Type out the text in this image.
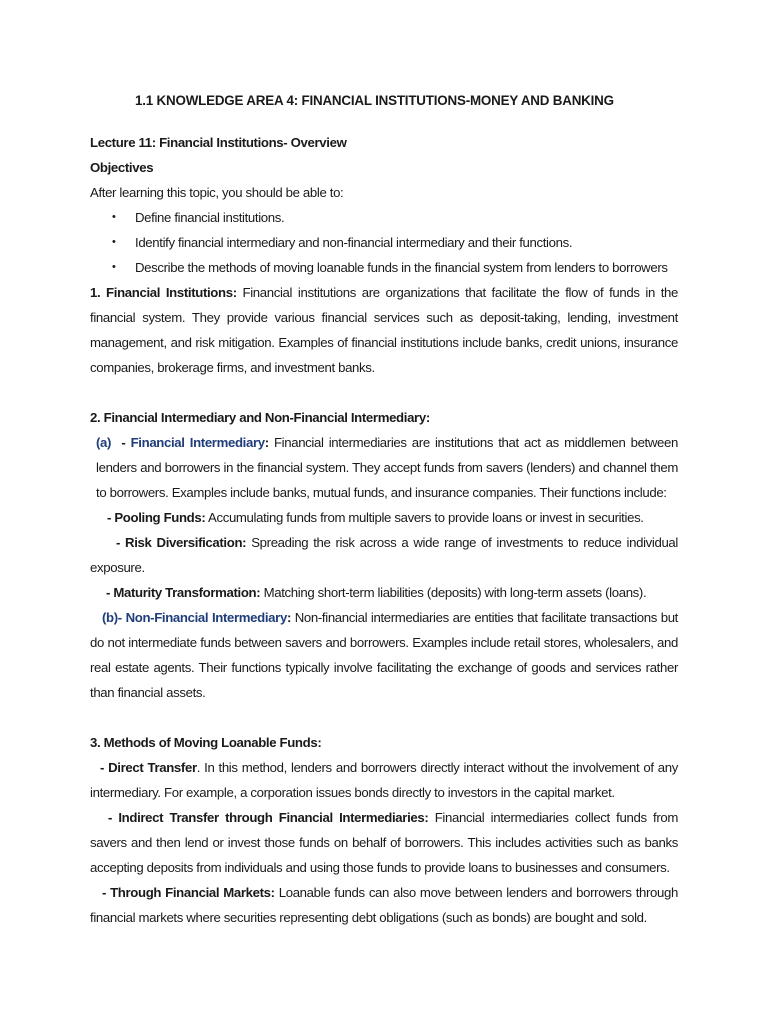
1.1 KNOWLEDGE AREA 4: FINANCIAL INSTITUTIONS-MONEY AND BANKING

Lecture 11: Financial Institutions- Overview

Objectives

After learning this topic, you should be able to:

• Define financial institutions.
• Identify financial intermediary and non-financial intermediary and their functions.
• Describe the methods of moving loanable funds in the financial system from lenders to borrowers

1. Financial Institutions: Financial institutions are organizations that facilitate the flow of funds in the financial system. They provide various financial services such as deposit-taking, lending, investment management, and risk mitigation. Examples of financial institutions include banks, credit unions, insurance companies, brokerage firms, and investment banks.

2. Financial Intermediary and Non-Financial Intermediary:

(a)  - Financial Intermediary: Financial intermediaries are institutions that act as middlemen between lenders and borrowers in the financial system. They accept funds from savers (lenders) and channel them to borrowers. Examples include banks, mutual funds, and insurance companies. Their functions include:

- Pooling Funds: Accumulating funds from multiple savers to provide loans or invest in securities.

- Risk Diversification: Spreading the risk across a wide range of investments to reduce individual exposure.

- Maturity Transformation: Matching short-term liabilities (deposits) with long-term assets (loans).

(b)- Non-Financial Intermediary: Non-financial intermediaries are entities that facilitate transactions but do not intermediate funds between savers and borrowers. Examples include retail stores, wholesalers, and real estate agents. Their functions typically involve facilitating the exchange of goods and services rather than financial assets.

3. Methods of Moving Loanable Funds:

- Direct Transfer. In this method, lenders and borrowers directly interact without the involvement of any intermediary. For example, a corporation issues bonds directly to investors in the capital market.

- Indirect Transfer through Financial Intermediaries: Financial intermediaries collect funds from savers and then lend or invest those funds on behalf of borrowers. This includes activities such as banks accepting deposits from individuals and using those funds to provide loans to businesses and consumers.

- Through Financial Markets: Loanable funds can also move between lenders and borrowers through financial markets where securities representing debt obligations (such as bonds) are bought and sold.
